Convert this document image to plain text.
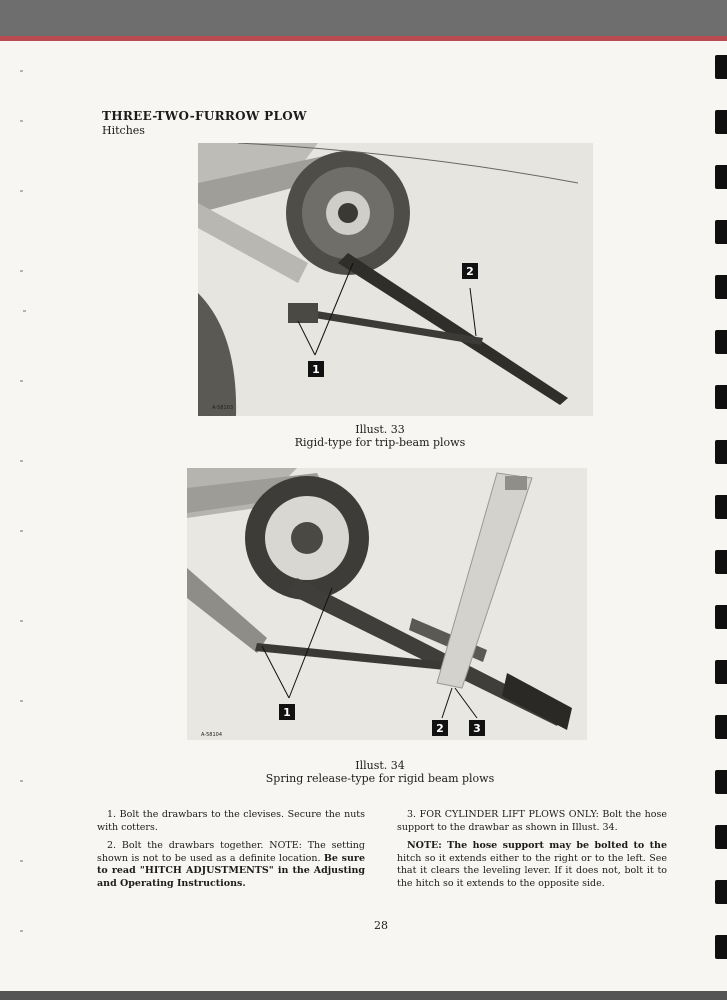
THREE-TWO-FURROW PLOW
Hitches
1
2
A-58103
Illust. 33
Rigid-type for trip-beam plows
1
2	3
A-58104
Illust. 34
Spring release-type for rigid beam plows

1. Bolt the drawbars to the clevises. Secure the nuts with cotters.

2. Bolt the drawbars together. NOTE: The setting shown is not to be used as a definite location. Be sure to read "HITCH ADJUSTMENTS" in the Adjusting and Operating Instructions.

3. FOR CYLINDER LIFT PLOWS ONLY: Bolt the hose support to the drawbar as shown in Illust. 34.

NOTE: The hose support may be bolted to the hitch so it extends either to the right or to the left. See that it clears the leveling lever. If it does not, bolt it to the hitch so it extends to the opposite side.

28
